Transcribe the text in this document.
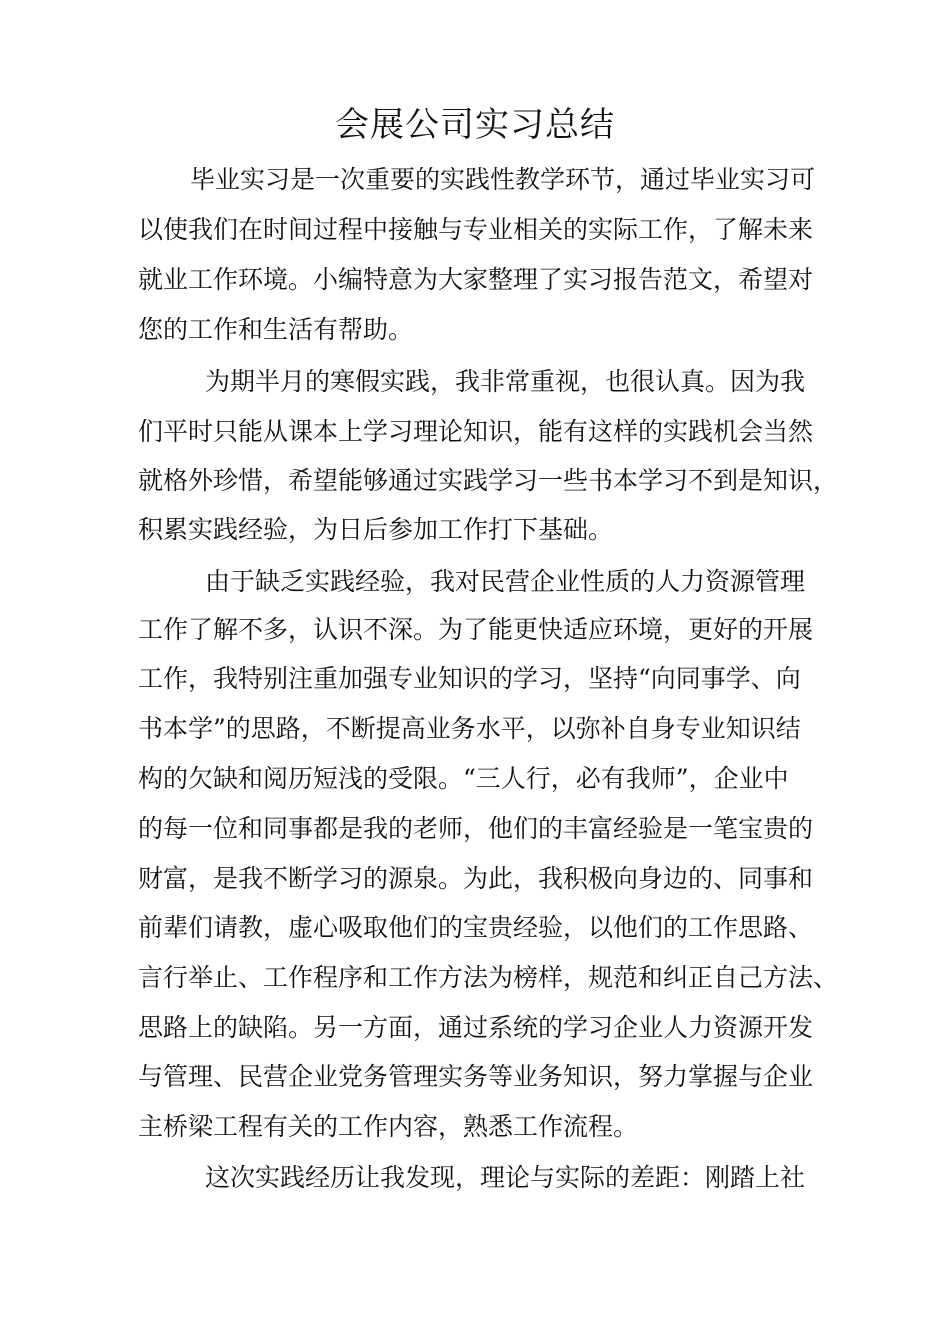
会展公司实习总结
毕业实习是一次重要的实践性教学环节，通过毕业实习可
以使我们在时间过程中接触与专业相关的实际工作，了解未来
就业工作环境。小编特意为大家整理了实习报告范文，希望对
您的工作和生活有帮助。
为期半月的寒假实践，我非常重视，也很认真。因为我
们平时只能从课本上学习理论知识，能有这样的实践机会当然
就格外珍惜，希望能够通过实践学习一些书本学习不到是知识，
积累实践经验，为日后参加工作打下基础。
由于缺乏实践经验，我对民营企业性质的人力资源管理
工作了解不多，认识不深。为了能更快适应环境，更好的开展
工作，我特别注重加强专业知识的学习，坚持“向同事学、向
书本学”的思路，不断提高业务水平，以弥补自身专业知识结
构的欠缺和阅历短浅的受限。“三人行，必有我师”，企业中
的每一位和同事都是我的老师，他们的丰富经验是一笔宝贵的
财富，是我不断学习的源泉。为此，我积极向身边的、同事和
前辈们请教，虚心吸取他们的宝贵经验，以他们的工作思路、
言行举止、工作程序和工作方法为榜样，规范和纠正自己方法、
思路上的缺陷。另一方面，通过系统的学习企业人力资源开发
与管理、民营企业党务管理实务等业务知识，努力掌握与企业
主桥梁工程有关的工作内容，熟悉工作流程。
这次实践经历让我发现，理论与实际的差距：刚踏上社
